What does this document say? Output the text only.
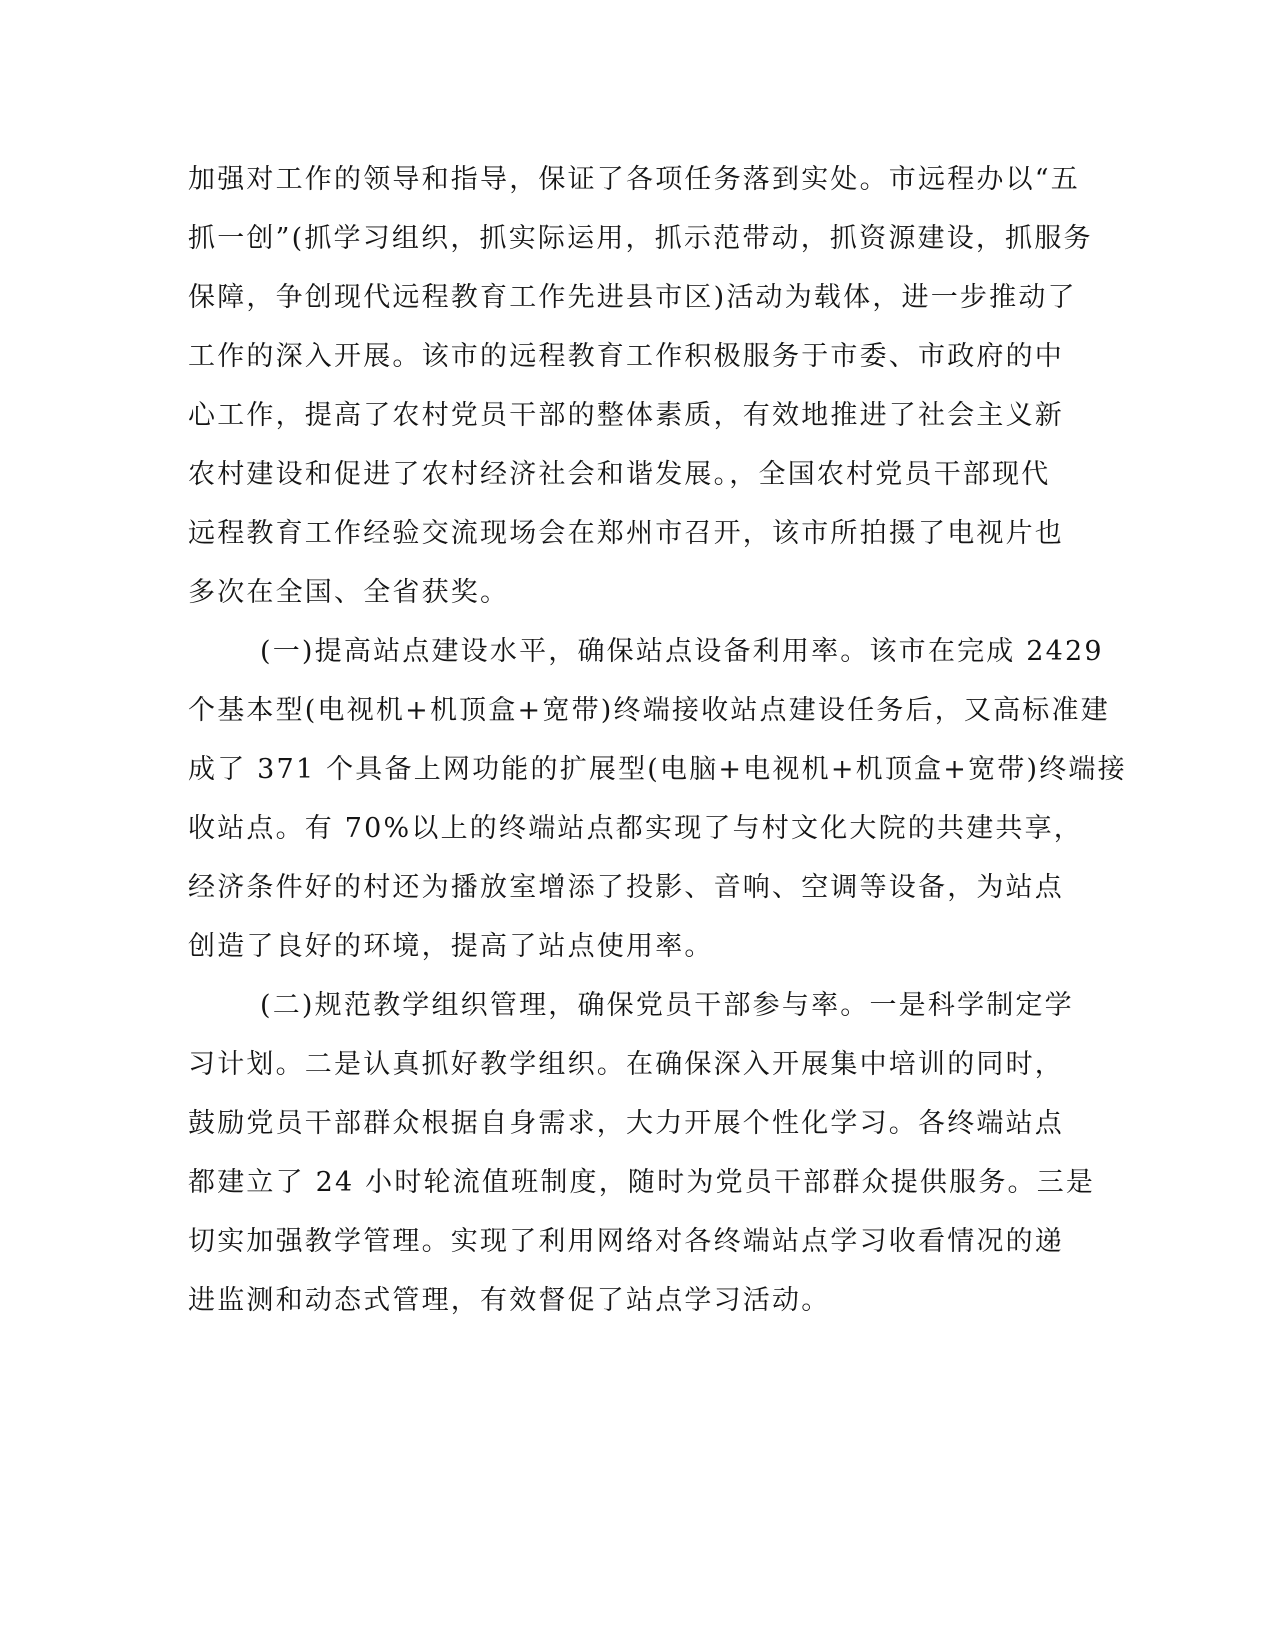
加强对工作的领导和指导，保证了各项任务落到实处。市远程办以“五
抓一创”(抓学习组织，抓实际运用，抓示范带动，抓资源建设，抓服务
保障，争创现代远程教育工作先进县市区)活动为载体，进一步推动了
工作的深入开展。该市的远程教育工作积极服务于市委、市政府的中
心工作，提高了农村党员干部的整体素质，有效地推进了社会主义新
农村建设和促进了农村经济社会和谐发展。，全国农村党员干部现代
远程教育工作经验交流现场会在郑州市召开，该市所拍摄了电视片也
多次在全国、全省获奖。
(一)提高站点建设水平，确保站点设备利用率。该市在完成 2429
个基本型(电视机+机顶盒+宽带)终端接收站点建设任务后，又高标准建
成了 371 个具备上网功能的扩展型(电脑+电视机+机顶盒+宽带)终端接
收站点。有 70%以上的终端站点都实现了与村文化大院的共建共享，
经济条件好的村还为播放室增添了投影、音响、空调等设备，为站点
创造了良好的环境，提高了站点使用率。
(二)规范教学组织管理，确保党员干部参与率。一是科学制定学
习计划。二是认真抓好教学组织。在确保深入开展集中培训的同时，
鼓励党员干部群众根据自身需求，大力开展个性化学习。各终端站点
都建立了 24 小时轮流值班制度，随时为党员干部群众提供服务。三是
切实加强教学管理。实现了利用网络对各终端站点学习收看情况的递
进监测和动态式管理，有效督促了站点学习活动。
